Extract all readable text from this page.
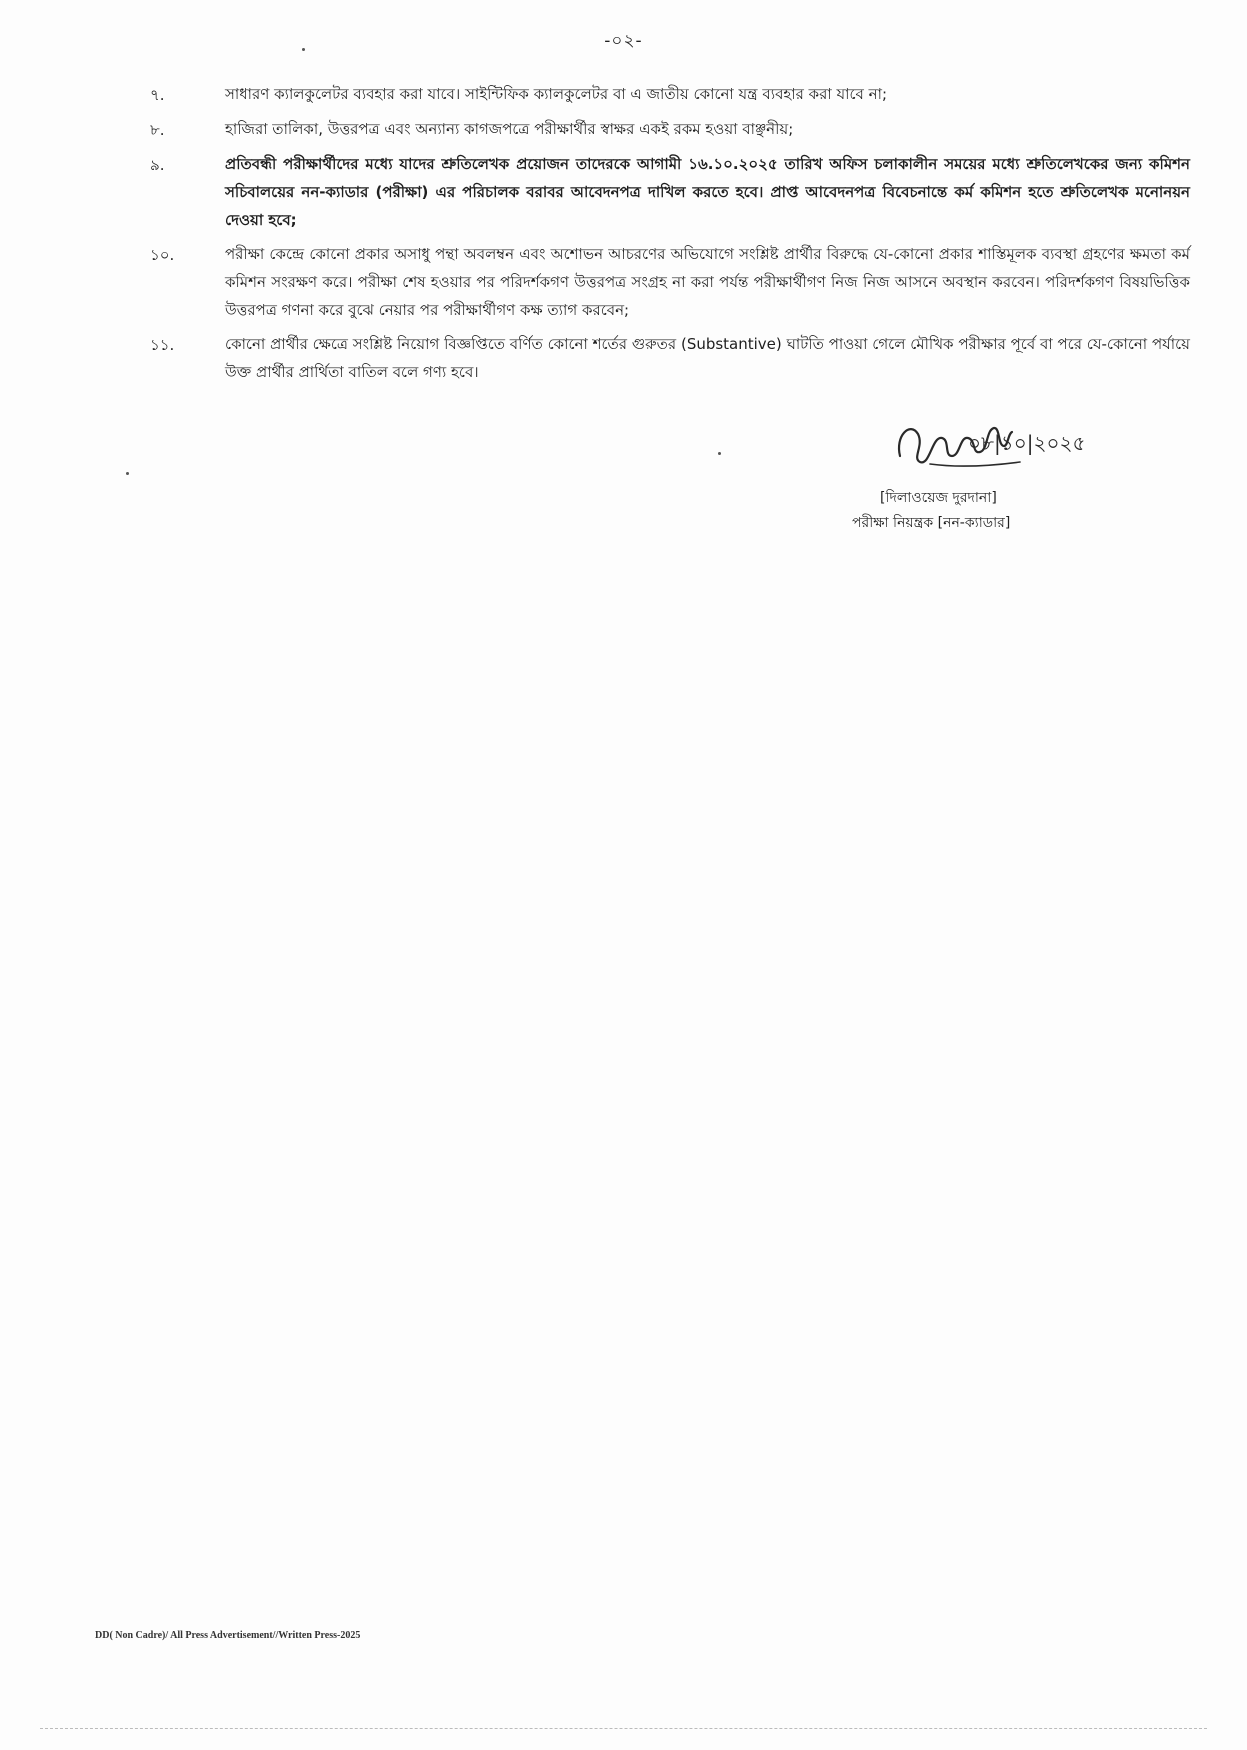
-০২-
৭.	সাধারণ ক্যালকুলেটর ব্যবহার করা যাবে। সাইন্টিফিক ক্যালকুলেটর বা এ জাতীয় কোনো যন্ত্র ব্যবহার করা যাবে না;
৮.	হাজিরা তালিকা, উত্তরপত্র এবং অন্যান্য কাগজপত্রে পরীক্ষার্থীর স্বাক্ষর একই রকম হওয়া বাঞ্ছনীয়;
৯.	প্রতিবন্ধী পরীক্ষার্থীদের মধ্যে যাদের শ্রুতিলেখক প্রয়োজন তাদেরকে আগামী ১৬.১০.২০২৫ তারিখ অফিস চলাকালীন সময়ের মধ্যে শ্রুতিলেখকের জন্য কমিশন সচিবালয়ের নন-ক্যাডার (পরীক্ষা) এর পরিচালক বরাবর আবেদনপত্র দাখিল করতে হবে। প্রাপ্ত আবেদনপত্র বিবেচনান্তে কর্ম কমিশন হতে শ্রুতিলেখক মনোনয়ন দেওয়া হবে;
১০.	পরীক্ষা কেন্দ্রে কোনো প্রকার অসাধু পন্থা অবলম্বন এবং অশোভন আচরণের অভিযোগে সংশ্লিষ্ট প্রার্থীর বিরুদ্ধে যে-কোনো প্রকার শাস্তিমূলক ব্যবস্থা গ্রহণের ক্ষমতা কর্ম কমিশন সংরক্ষণ করে। পরীক্ষা শেষ হওয়ার পর পরিদর্শকগণ উত্তরপত্র সংগ্রহ না করা পর্যন্ত পরীক্ষার্থীগণ নিজ নিজ আসনে অবস্থান করবেন। পরিদর্শকগণ বিষয়ভিত্তিক উত্তরপত্র গণনা করে বুঝে নেয়ার পর পরীক্ষার্থীগণ কক্ষ ত্যাগ করবেন;
১১.	কোনো প্রার্থীর ক্ষেত্রে সংশ্লিষ্ট নিয়োগ বিজ্ঞপ্তিতে বর্ণিত কোনো শর্তের গুরুতর (Substantive) ঘাটতি পাওয়া গেলে মৌখিক পরীক্ষার পূর্বে বা পরে যে-কোনো পর্যায়ে উক্ত প্রার্থীর প্রার্থিতা বাতিল বলে গণ্য হবে।
০৮|১০|২০২৫
[দিলাওয়েজ দুরদানা]
পরীক্ষা নিয়ন্ত্রক [নন-ক্যাডার]
DD( Non Cadre)/ All Press Advertisement//Written Press-2025
